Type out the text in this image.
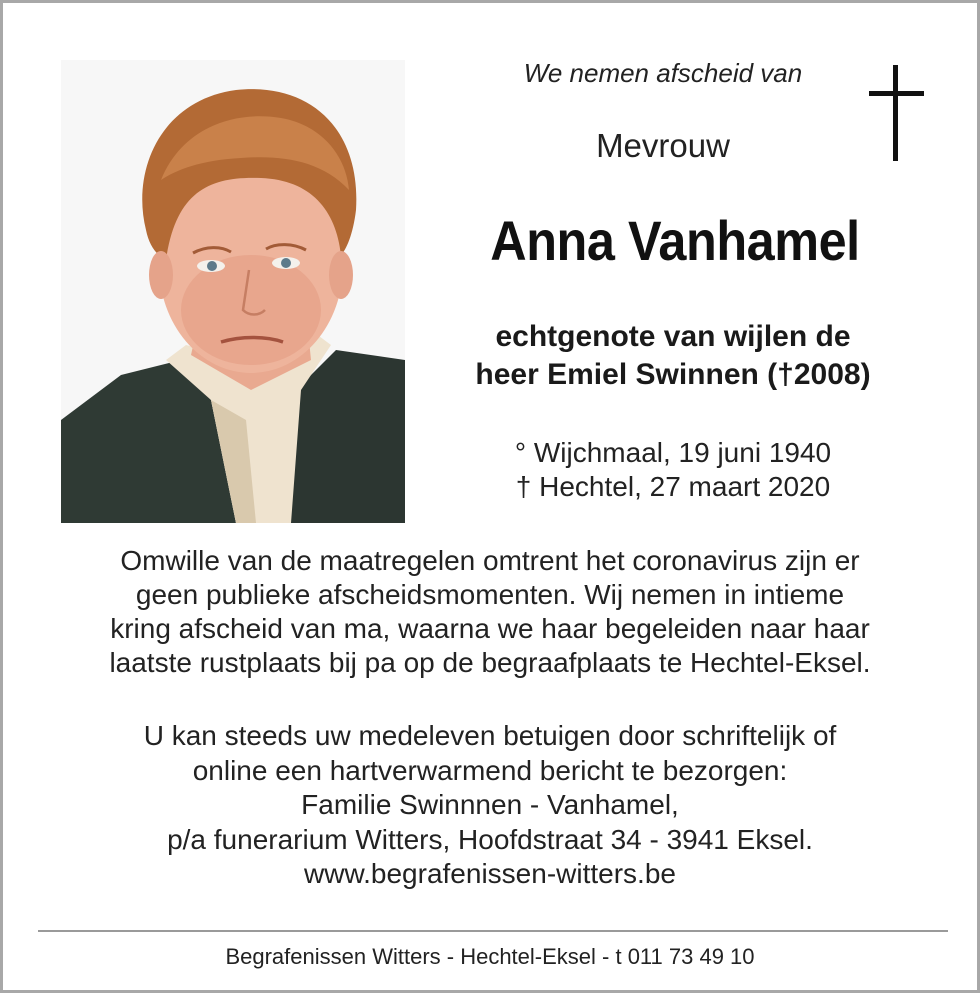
We nemen afscheid van
Mevrouw
Anna Vanhamel
echtgenote van wijlen de
heer Emiel Swinnen (†2008)
° Wijchmaal, 19 juni 1940
† Hechtel, 27 maart 2020

Omwille van de maatregelen omtrent het coronavirus zijn er

geen publieke afscheidsmomenten. Wij nemen in intieme

kring afscheid van ma, waarna we haar begeleiden naar haar

laatste rustplaats bij pa op de begraafplaats te Hechtel-Eksel.

U kan steeds uw medeleven betuigen door schriftelijk of

online een hartverwarmend bericht te bezorgen:

Familie Swinnnen - Vanhamel,

p/a funerarium Witters, Hoofdstraat 34 - 3941 Eksel.

www.begrafenissen-witters.be

Begrafenissen Witters - Hechtel-Eksel - t 011 73 49 10
